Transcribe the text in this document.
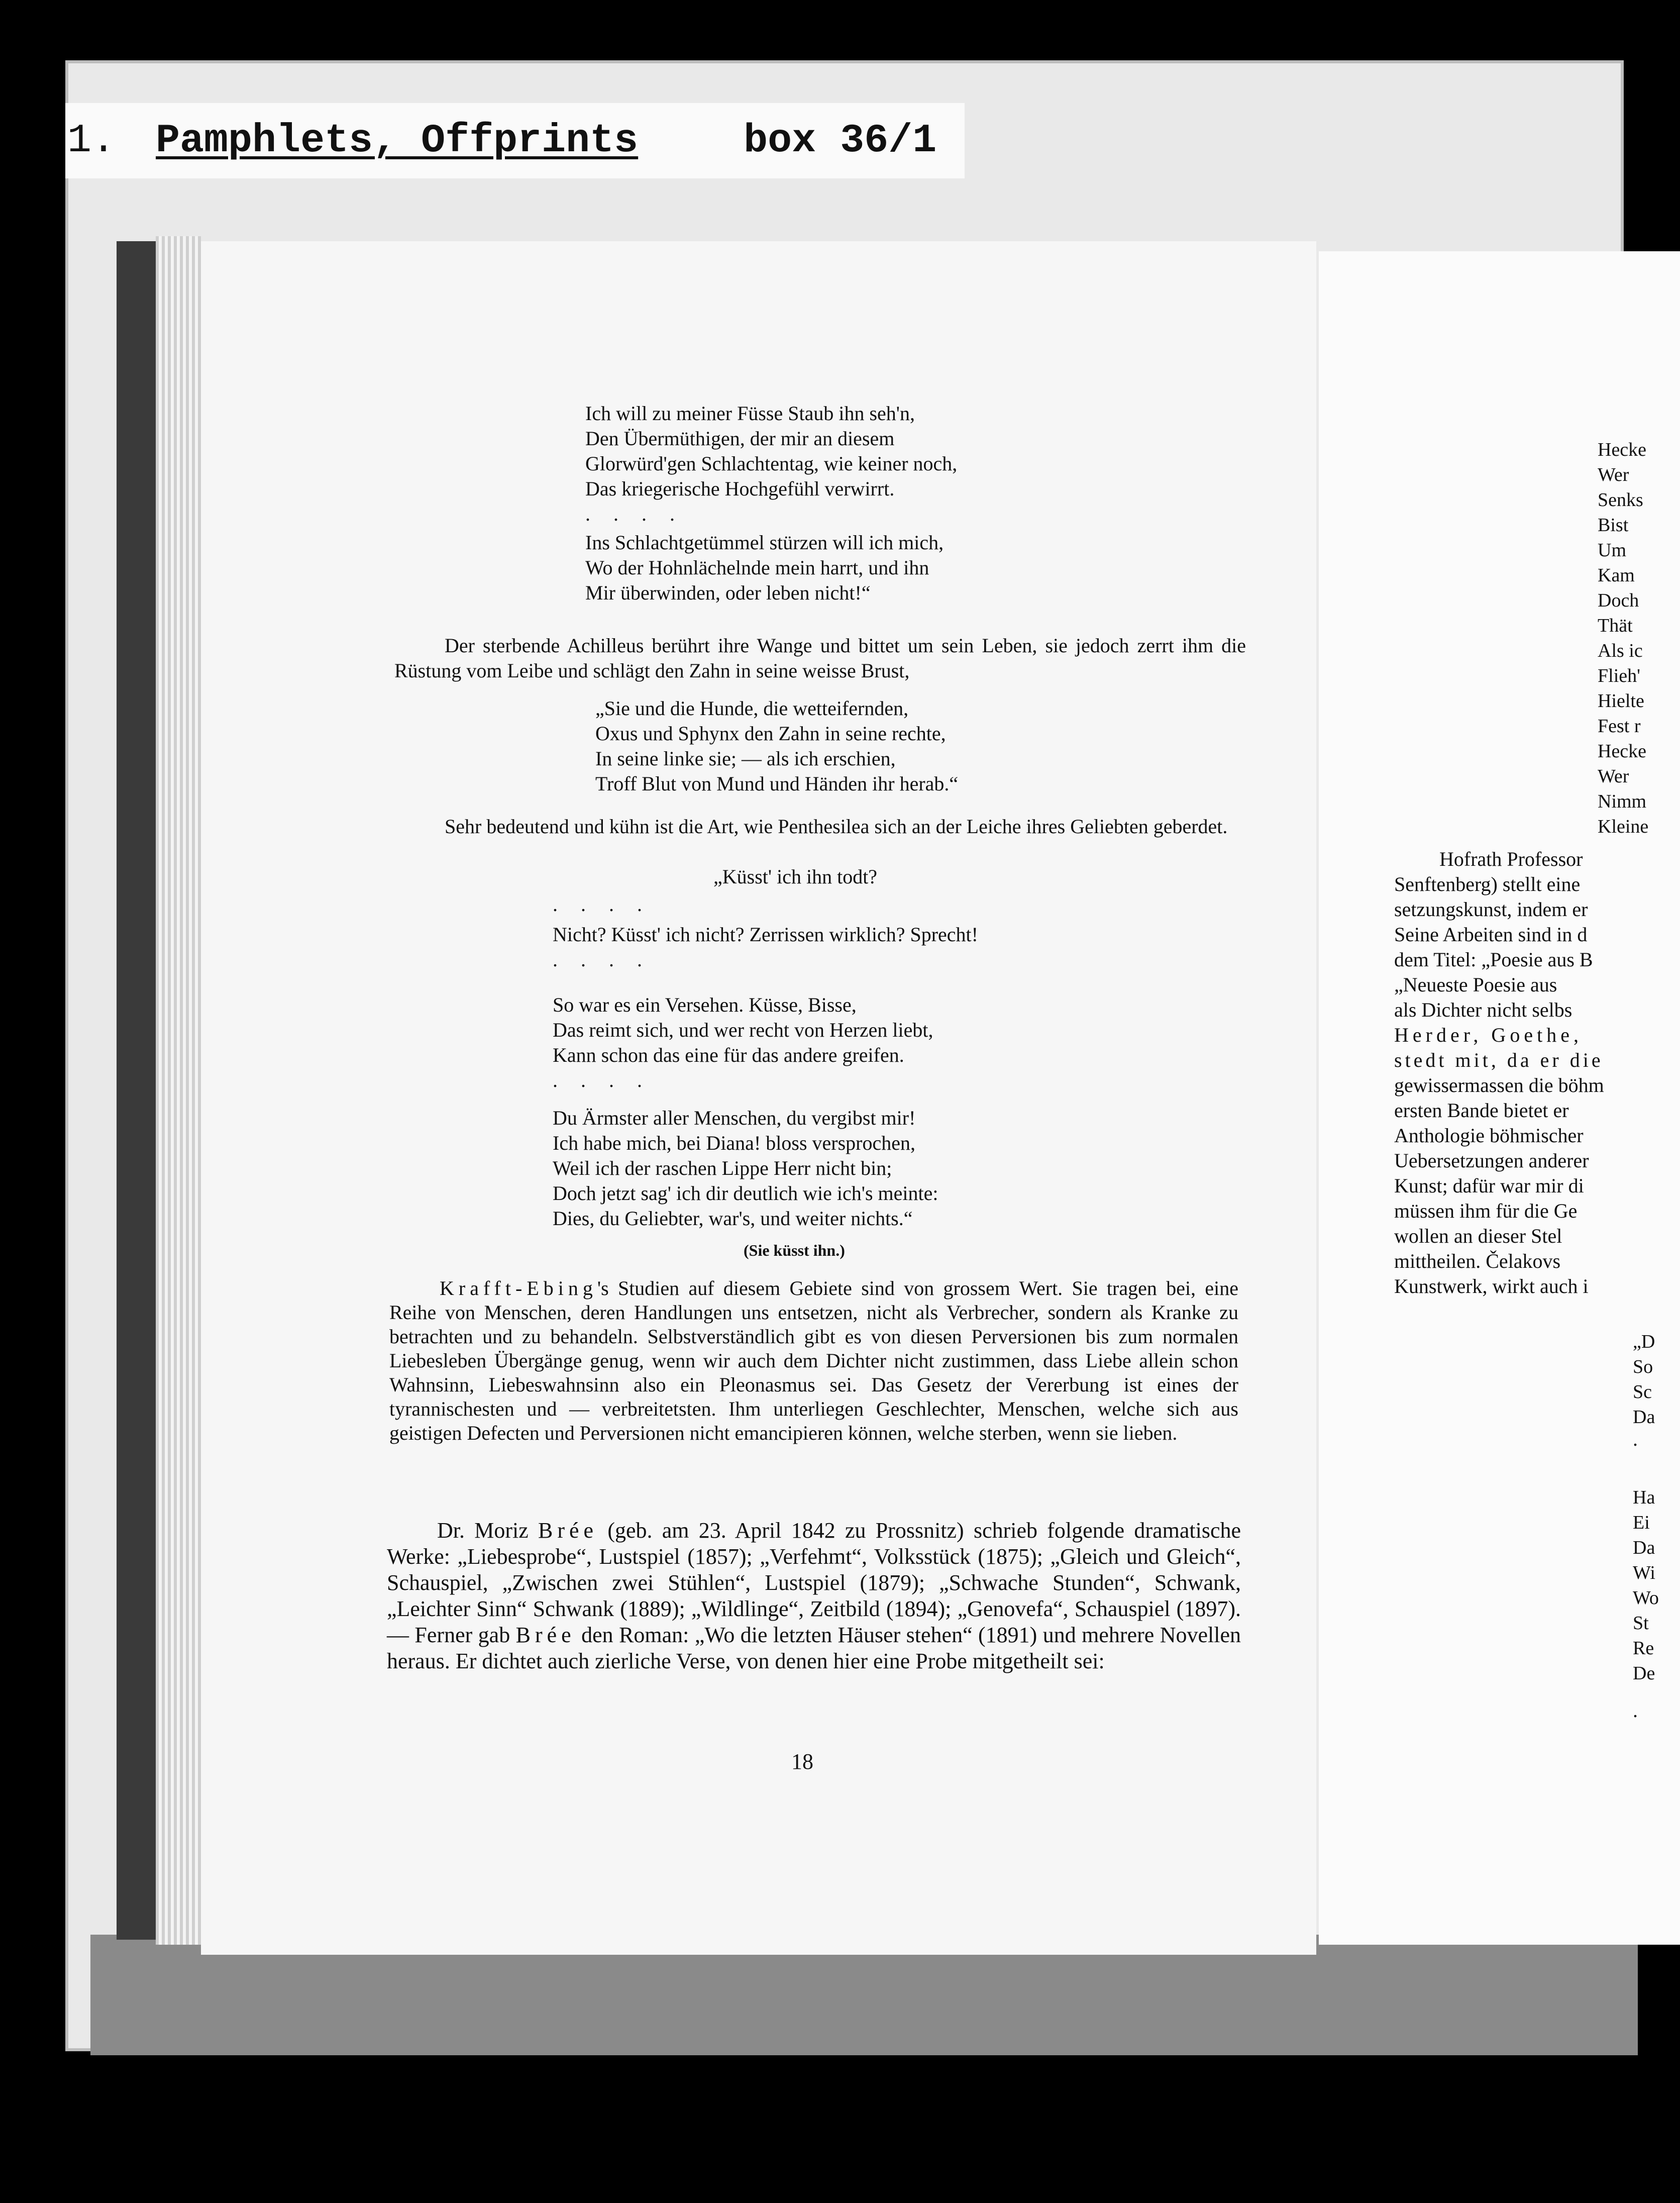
1. Pamphlets, Offprints	box 36/1
Ich will zu meiner Füsse Staub ihn seh'n,
Den Übermüthigen, der mir an diesem
Glorwürd'gen Schlachtentag, wie keiner noch,
Das kriegerische Hochgefühl verwirrt.
. . . .
Ins Schlachtgetümmel stürzen will ich mich,
Wo der Hohnlächelnde mein harrt, und ihn
Mir überwinden, oder leben nicht!“

Der sterbende Achilleus berührt ihre Wange und bittet um sein Leben, sie jedoch zerrt ihm die Rüstung vom Leibe und schlägt den Zahn in seine weisse Brust,

„Sie und die Hunde, die wetteifernden,
Oxus und Sphynx den Zahn in seine rechte,
In seine linke sie; — als ich erschien,
Troff Blut von Mund und Händen ihr herab.“

Sehr bedeutend und kühn ist die Art, wie Penthesilea sich an der Leiche ihres Geliebten geberdet.

„Küsst' ich ihn todt?
. . . .
Nicht? Küsst' ich nicht? Zerrissen wirklich? Sprecht!
. . . .
So war es ein Versehen. Küsse, Bisse,
Das reimt sich, und wer recht von Herzen liebt,
Kann schon das eine für das andere greifen.
. . . .
Du Ärmster aller Menschen, du vergibst mir!
Ich habe mich, bei Diana! bloss versprochen,
Weil ich der raschen Lippe Herr nicht bin;
Doch jetzt sag' ich dir deutlich wie ich's meinte:
Dies, du Geliebter, war's, und weiter nichts.“
(Sie küsst ihn.)

Krafft-Ebing's Studien auf diesem Gebiete sind von grossem Wert. Sie tragen bei, eine Reihe von Menschen, deren Handlungen uns entsetzen, nicht als Verbrecher, sondern als Kranke zu betrachten und zu behandeln. Selbstverständlich gibt es von diesen Perversionen bis zum normalen Liebesleben Übergänge genug, wenn wir auch dem Dichter nicht zustimmen, dass Liebe allein schon Wahnsinn, Liebeswahnsinn also ein Pleonasmus sei. Das Gesetz der Vererbung ist eines der tyrannischesten und — verbreitetsten. Ihm unterliegen Geschlechter, Menschen, welche sich aus geistigen Defecten und Perversionen nicht emancipieren können, welche sterben, wenn sie lieben.

Dr. Moriz Brée (geb. am 23. April 1842 zu Prossnitz) schrieb folgende dramatische Werke: „Liebesprobe“, Lustspiel (1857); „Verfehmt“, Volksstück (1875); „Gleich und Gleich“, Schauspiel, „Zwischen zwei Stühlen“, Lustspiel (1879); „Schwache Stunden“, Schwank, „Leichter Sinn“ Schwank (1889); „Wildlinge“, Zeitbild (1894); „Genovefa“, Schauspiel (1897). — Ferner gab Brée den Roman: „Wo die letzten Häuser stehen“ (1891) und mehrere Novellen heraus. Er dichtet auch zierliche Verse, von denen hier eine Probe mitgetheilt sei:

18
Hecke
Wer
Senks
Bist
Um
Kam
Doch
Thät
Als ic
Flieh'
Hielte
Fest r
Hecke
Wer
Nimm
Kleine
Hofrath Professor
Senftenberg) stellt eine
setzungskunst, indem er
Seine Arbeiten sind in d
dem Titel: „Poesie aus B
„Neueste Poesie aus
als Dichter nicht selbs
Herder, Goethe,
stedt mit, da er die
gewissermassen die böhm
ersten Bande bietet er
Anthologie böhmischer
Uebersetzungen anderer
Kunst; dafür war mir di
müssen ihm für die Ge
wollen an dieser Stel
mittheilen. Čelakovs
Kunstwerk, wirkt auch i
„D
So
Sc
Da
.
Ha
Ei
Da
Wi
Wo
St
Re
De
.
